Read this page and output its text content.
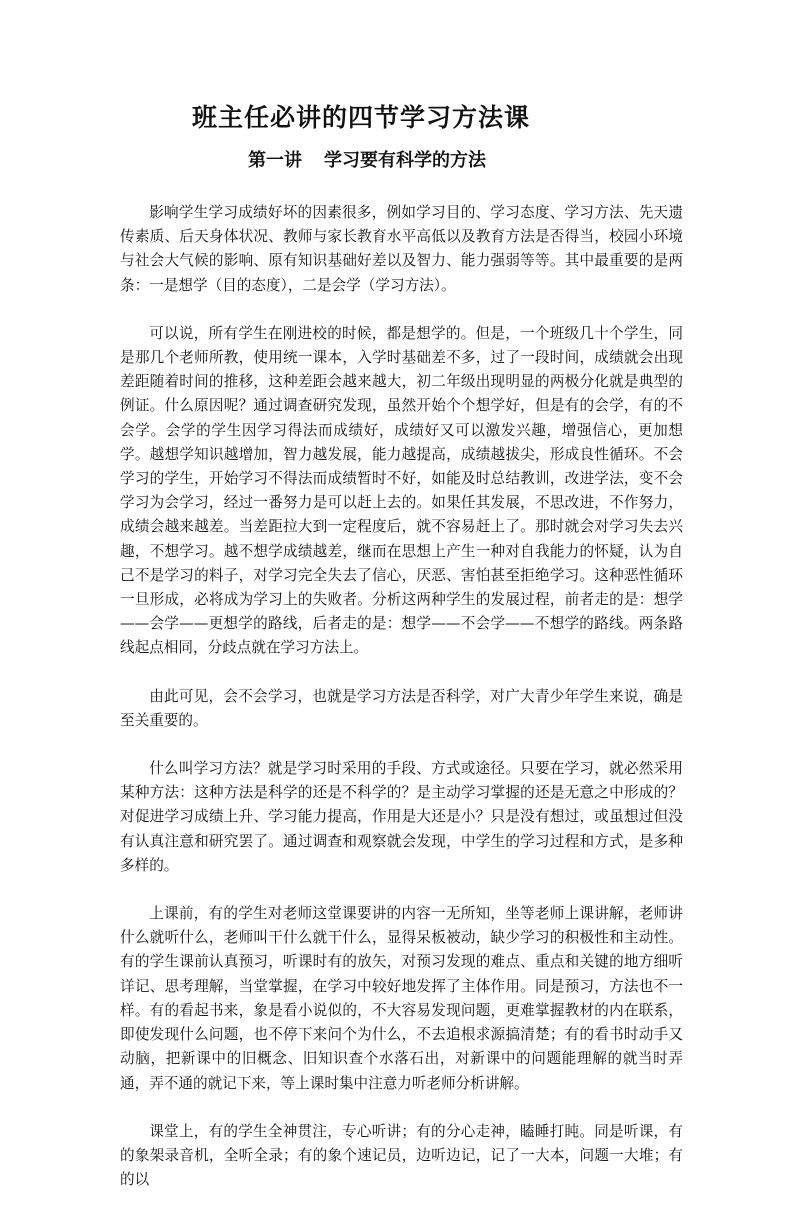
班主任必讲的四节学习方法课
第一讲 学习要有科学的方法

影响学生学习成绩好坏的因素很多，例如学习目的、学习态度、学习方法、先天遗传素质、后天身体状况、教师与家长教育水平高低以及教育方法是否得当，校园小环境与社会大气候的影响、原有知识基础好差以及智力、能力强弱等等。其中最重要的是两条：一是想学（目的态度），二是会学（学习方法）。

可以说，所有学生在刚进校的时候，都是想学的。但是，一个班级几十个学生，同是那几个老师所教，使用统一课本，入学时基础差不多，过了一段时间，成绩就会出现差距随着时间的推移，这种差距会越来越大，初二年级出现明显的两极分化就是典型的例证。什么原因呢？通过调查研究发现，虽然开始个个想学好，但是有的会学，有的不会学。会学的学生因学习得法而成绩好，成绩好又可以激发兴趣，增强信心，更加想学。越想学知识越增加，智力越发展，能力越提高，成绩越拔尖，形成良性循环。不会学习的学生，开始学习不得法而成绩暂时不好，如能及时总结教训，改进学法，变不会学习为会学习，经过一番努力是可以赶上去的。如果任其发展，不思改进，不作努力，成绩会越来越差。当差距拉大到一定程度后，就不容易赶上了。那时就会对学习失去兴趣，不想学习。越不想学成绩越差，继而在思想上产生一种对自我能力的怀疑，认为自己不是学习的料子，对学习完全失去了信心，厌恶、害怕甚至拒绝学习。这种恶性循环一旦形成，必将成为学习上的失败者。分析这两种学生的发展过程，前者走的是：想学——会学——更想学的路线，后者走的是：想学——不会学——不想学的路线。两条路线起点相同，分歧点就在学习方法上。

由此可见，会不会学习，也就是学习方法是否科学，对广大青少年学生来说，确是至关重要的。

什么叫学习方法？就是学习时采用的手段、方式或途径。只要在学习，就必然采用某种方法：这种方法是科学的还是不科学的？是主动学习掌握的还是无意之中形成的？对促进学习成绩上升、学习能力提高，作用是大还是小？只是没有想过，或虽想过但没有认真注意和研究罢了。通过调查和观察就会发现，中学生的学习过程和方式，是多种多样的。

上课前，有的学生对老师这堂课要讲的内容一无所知，坐等老师上课讲解，老师讲什么就听什么，老师叫干什么就干什么，显得呆板被动，缺少学习的积极性和主动性。有的学生课前认真预习，听课时有的放矢，对预习发现的难点、重点和关键的地方细听详记、思考理解，当堂掌握，在学习中较好地发挥了主体作用。同是预习，方法也不一样。有的看起书来，象是看小说似的，不大容易发现问题，更难掌握教材的内在联系，即使发现什么问题，也不停下来问个为什么，不去追根求源搞清楚；有的看书时动手又动脑，把新课中的旧概念、旧知识查个水落石出，对新课中的问题能理解的就当时弄通，弄不通的就记下来，等上课时集中注意力听老师分析讲解。

课堂上，有的学生全神贯注，专心听讲；有的分心走神，瞌睡打盹。同是听课，有的象架录音机，全听全录；有的象个速记员，边听边记，记了一大本，问题一大堆；有的以
